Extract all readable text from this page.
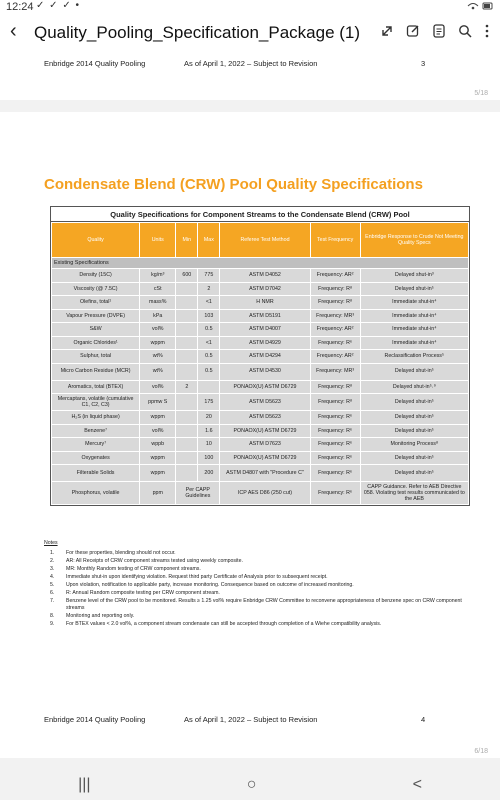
12:24 ✓ ✓ ✓ •
‹ Quality_Pooling_Specification_Package (1)
Enbridge 2014 Quality Pooling	As of April 1, 2022 – Subject to Revision	3
5/18
Condensate Blend (CRW) Pool Quality Specifications
Quality Specifications for Component Streams to the Condensate Blend (CRW) Pool
Quality	Units	Min	Max	Referee Test Method	Test Frequency	Enbridge Response to Crude Not Meeting Quality Specs
Existing Specifications						
Density (15C)	kg/m³	600	775	ASTM D4052	Frequency: AR²	Delayed shut-in³
Viscosity (@ 7.5C)	cSt		2	ASTM D7042	Frequency: R⁸	Delayed shut-in⁵
Olefins, total¹	mass%		<1	H NMR	Frequency: R⁸	Immediate shut-in⁴
Vapour Pressure (DVPE)	kPa		103	ASTM D5191	Frequency: MR³	Immediate shut-in⁴
S&W	vol%		0.5	ASTM D4007	Frequency: AR²	Immediate shut-in⁴
Organic Chlorides¹	wppm		<1	ASTM D4929	Frequency: R⁶	Immediate shut-in⁴
Sulphur, total	wt%		0.5	ASTM D4294	Frequency: AR²	Reclassification Process⁵
Micro Carbon Residue (MCR)	wt%		0.5	ASTM D4530	Frequency: MR³	Delayed shut-in⁵
Aromatics, total (BTEX)	vol%	2		PONAOX(U) ASTM D6729	Frequency: R⁸	Delayed shut-in⁵˒⁹
Mercaptans, volatile (cumulative C1, C2, C3)	ppmw S		175	ASTM D5623	Frequency: R⁸	Delayed shut-in⁵
H₂S (in liquid phase)	wppm		20	ASTM D5623	Frequency: R⁶	Delayed shut-in⁵
Benzene⁷	vol%		1.6	PONAOX(U) ASTM D6729	Frequency: R⁶	Delayed shut-in⁵
Mercury⁷	wppb		10	ASTM D7623	Frequency: R⁶	Monitoring Process⁸
Oxygenates	wppm		100	PONAOX(U) ASTM D6729	Frequency: R⁶	Delayed shut-in⁵
Filterable Solids	wppm		200	ASTM D4807 with "Procedure C"	Frequency: R⁶	Delayed shut-in⁵
Phosphorus, volatile	ppm	Per CAPP Guidelines		ICP AES D86 (250 cut)	Frequency: R⁶	CAPP Guidance. Refer to AEB Directive 058. Violating test results communicated to the AEB
Notes
1.	For these properties, blending should not occur.
2.	AR: All Receipts of CRW component streams tested using weekly composite.
3.	MR: Monthly Random testing of CRW component streams.
4.	Immediate shut-in upon identifying violation. Request third party Certificate of Analysis prior to subsequent receipt.
5.	Upon violation, notification to applicable party, increase monitoring. Consequence based on outcome of increased monitoring.
6.	R: Annual Random composite testing per CRW component stream.
7.	Benzene level of the CRW pool to be monitored. Results ≥ 1.25 vol% require Enbridge CRW Committee to reconvene appropriateness of benzene spec on CRW component streams
8.	Monitoring and reporting only.
9.	For BTEX values < 2.0 vol%, a component stream condensate can still be accepted through completion of a Wiehe compatibility analysis.
Enbridge 2014 Quality Pooling	As of April 1, 2022 – Subject to Revision	4
6/18
|||	○	<
